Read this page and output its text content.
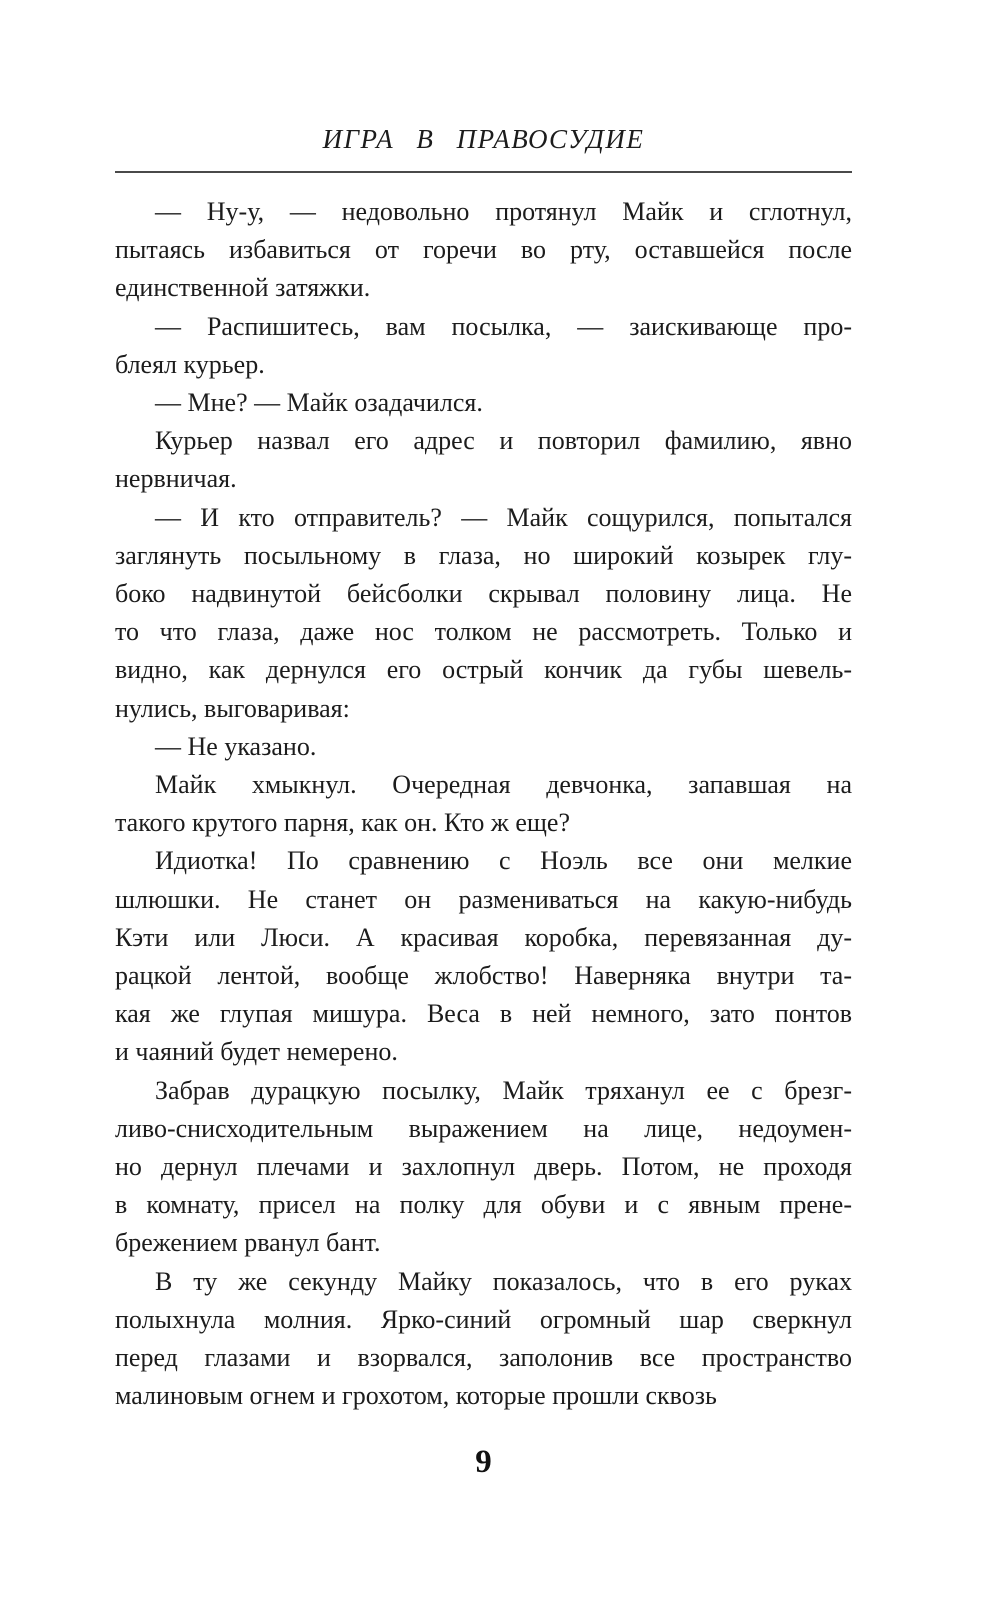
ИГРА В ПРАВОСУДИЕ
— Ну-у, — недовольно протянул Майк и сглотнул,
пытаясь избавиться от горечи во рту, оставшейся после
единственной затяжки.
— Распишитесь, вам посылка, — заискивающе про-
блеял курьер.
— Мне? — Майк озадачился.
Курьер назвал его адрес и повторил фамилию, явно
нервничая.
— И кто отправитель? — Майк сощурился, попытался
заглянуть посыльному в глаза, но широкий козырек глу-
боко надвинутой бейсболки скрывал половину лица. Не
то что глаза, даже нос толком не рассмотреть. Только и
видно, как дернулся его острый кончик да губы шевель-
нулись, выговаривая:
— Не указано.
Майк хмыкнул. Очередная девчонка, запавшая на
такого крутого парня, как он. Кто ж еще?
Идиотка! По сравнению с Ноэль все они мелкие
шлюшки. Не станет он размениваться на какую-нибудь
Кэти или Люси. А красивая коробка, перевязанная ду-
рацкой лентой, вообще жлобство! Наверняка внутри та-
кая же глупая мишура. Веса в ней немного, зато понтов
и чаяний будет немерено.
Забрав дурацкую посылку, Майк тряханул ее с брезг-
ливо-снисходительным выражением на лице, недоумен-
но дернул плечами и захлопнул дверь. Потом, не проходя
в комнату, присел на полку для обуви и с явным прене-
брежением рванул бант.
В ту же секунду Майку показалось, что в его руках
полыхнула молния. Ярко-синий огромный шар сверкнул
перед глазами и взорвался, заполонив все пространство
малиновым огнем и грохотом, которые прошли сквозь
9
